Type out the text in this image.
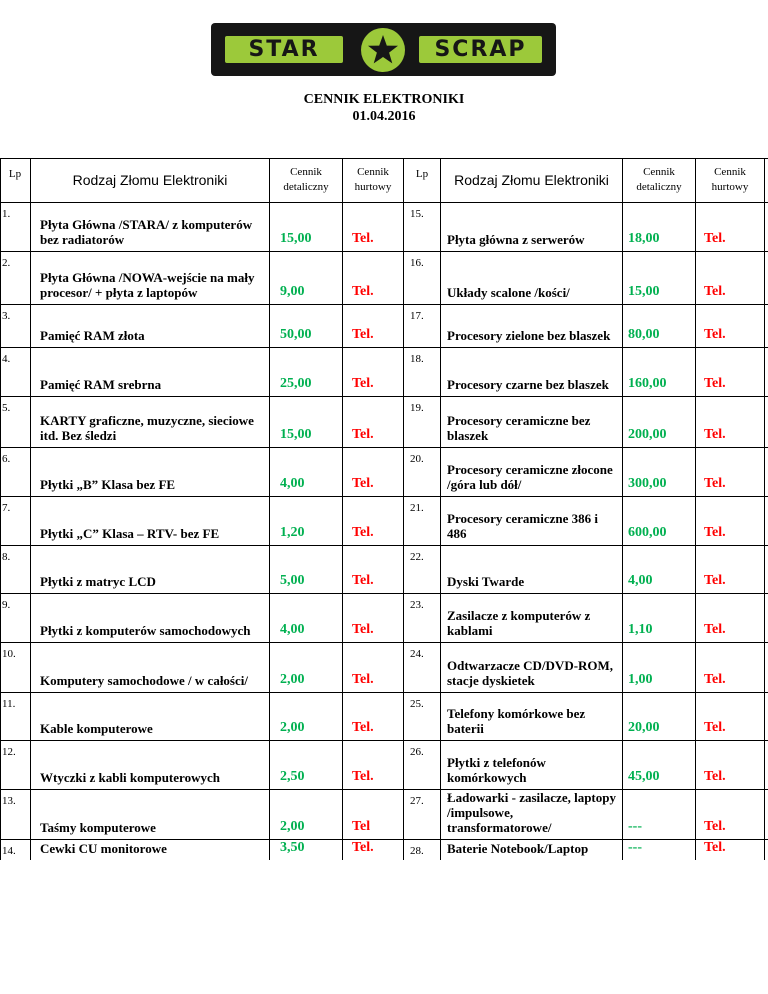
STAR	SCRAP
CENNIK ELEKTRONIKI
01.04.2016
Lp	Rodzaj Złomu Elektroniki	Cennik
detaliczny
Cennik
hurtowy
Lp	Rodzaj Złomu Elektroniki	Cennik
detaliczny
Cennik
hurtowy
1.
Płyta Główna /STARA/ z komputerów bez radiatorów	15,00	Tel.
2.
Płyta Główna /NOWA-wejście na mały procesor/ + płyta z laptopów	9,00	Tel.
3.
Pamięć RAM złota	50,00	Tel.
4.
Pamięć RAM srebrna	25,00	Tel.
5.
KARTY graficzne, muzyczne, sieciowe itd. Bez śledzi	15,00	Tel.
6.
Płytki „B” Klasa bez FE	4,00	Tel.
7.
Płytki „C” Klasa – RTV- bez FE	1,20	Tel.
8.
Płytki z matryc LCD	5,00	Tel.
9.
Płytki z komputerów samochodowych	4,00	Tel.
10.
Komputery samochodowe / w całości/	2,00	Tel.
11.
Kable komputerowe	2,00	Tel.
12.
Wtyczki z kabli komputerowych	2,50	Tel.
13.
Taśmy komputerowe	2,00	Tel
14.	Cewki CU monitorowe	3,50	Tel.
15.
Płyta główna z serwerów	18,00	Tel.
16.
Układy scalone /kości/	15,00	Tel.
17.
Procesory zielone bez blaszek	80,00	Tel.
18.
Procesory czarne bez blaszek	160,00	Tel.
19.
Procesory ceramiczne bez blaszek	200,00	Tel.
20.
Procesory ceramiczne złocone /góra lub dół/	300,00	Tel.
21.
Procesory ceramiczne 386 i 486	600,00	Tel.
22.
Dyski Twarde	4,00	Tel.
23.
Zasilacze z komputerów z kablami	1,10	Tel.
24.
Odtwarzacze CD/DVD-ROM, stacje dyskietek	1,00	Tel.
25.
Telefony komórkowe bez baterii	20,00	Tel.
26.
Płytki z telefonów komórkowych	45,00	Tel.
27.	Ładowarki - zasilacze, laptopy /impulsowe, transformatorowe/	---	Tel.
28.	Baterie Notebook/Laptop	---	Tel.
